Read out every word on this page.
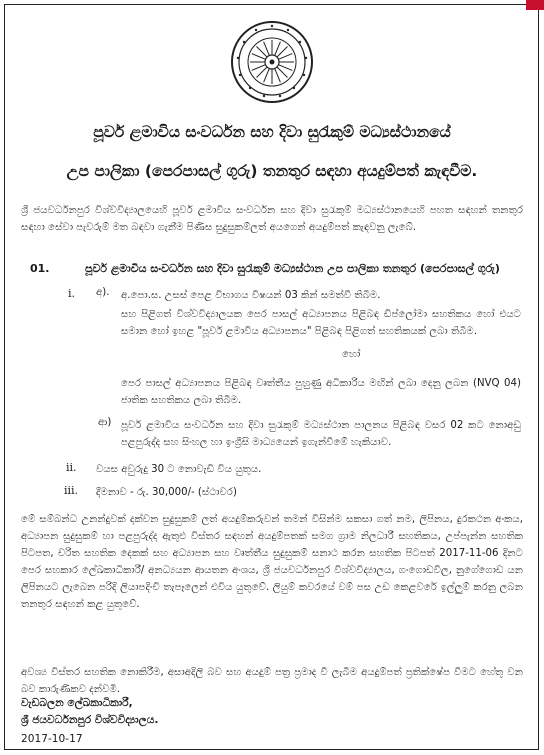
පූර්ව ළමාවිය සංවර්ධන සහ දිවා සුරැකුම් මධ්‍යස්ථානයේ
උප පාලිකා (පෙරපාසල් ගුරු) තනතුර සඳහා අයදුම්පත් කැඳවීම.

ශ්‍රී ජයවර්ධනපුර විශ්වවිද්‍යාලයෙහි පූර්ව ළමාවිය සංවර්ධන සහ දිවා සුරැකුම් මධ්‍යස්ථානයෙහි පහත සඳහන් තනතුර සඳහා සේවා පැවරුම් මත බඳවා ගැනීම පිණිස සුදුසුකම්ලත් අයගෙන් අයදුම්පත් කැඳවනු ලැබේ.

01.	පූර්ව ළමාවිය සංවර්ධන සහ දිවා සුරැකුම් මධ්‍යස්ථාන උප පාලිකා තනතුර (පෙරපාසල් ගුරු)
i. අ). අ.පො.ස. උසස් පෙළ විභාගය විෂයන් 03 කින් සමත්වී තිබීම.
සහ පිළිගත් විශ්වවිද්‍යාලයක පෙර පාසල් අධ්‍යාපනය පිළිබඳ ඩිප්ලෝමා සහතිකය හෝ එයට සමාන හෝ ඉහළ "පූර්ව ළමාවිය අධ්‍යාපනය" පිළිබඳ පිළිගත් සහතිකයක් ලබා තිබීම.
හෝ
පෙර පාසල් අධ්‍යාපනය පිළිබඳ වෘත්තීය පුහුණු අධිකාරිය මඟින් ලබා දෙනු ලබන (NVQ 04) ජාතික සහතිකය ලබා තිබීම.
ආ) පූර්ව ළමාවිය සංවර්ධන සහ දිවා සුරැකුම් මධ්‍යස්ථාන පාලනය පිළිබඳ වසර 02 කට නොඅඩු පළපුරුද්ද සහ සිංහල හා ඉංග්‍රීසි මාධ්‍යයෙන් ඉගැන්වීමේ හැකියාව.
ii. වයස අවුරුදු 30 ට නොවැඩි විය යුතුය.
iii. දීමනාව - රු. 30,000/- (ස්ථාවර)

මේ සම්බන්ධ උනන්දුවක් දක්වන සුදුසුකම් ලත් අයදුම්කරුවන් තමන් විසින්ම සකසා ගත් නම, ලිපිනය, දුරකථන අංකය, අධ්‍යාපන සුදුසුකම් හා පළපුරුද්ද ඇතුළු විස්තර සඳහන් අයදුම්පතක් සමග ග්‍රාම නිලධාරී සහතිකය, උප්පැන්න සහතික පිටපත, චරිත සහතික දෙකක් සහ අධ්‍යාපන සහ වෘත්තීය සුදුසුකම් සනාථ කරන සහතික පිටපත් 2017-11-06 දිනට පෙර සහකාර ලේඛකාධිකාරී/ අනධ්‍යයන ආයතන අංශය, ශ්‍රී ජයවර්ධනපුර විශ්වවිද්‍යාලය, ගංගොඩවිල, නුගේගොඩ යන ලිපිනයට ලැබෙන පරිදි ලියාපදිංචි තැපෑලෙන් එවිය යුතුවේ. ලියුම් කවරයේ වම් පස උඩ කෙළවරේ ඉල්ලුම් කරනු ලබන තනතුර සඳහන් කළ යුතුවේ.

අවශ්‍ය විස්තර සහතික නොකිරීම, අසාඅදිලි බව සහ අයදුම් පත්‍ර ප්‍රමාද වී ලැබීම අයදුම්පත් ප්‍රතික්ෂේප වීමට හේතු වන බව කාරුණිකව දන්වමි.

වැඩබලන ලේඛකාධිකාරී,
ශ්‍රී ජයවර්ධනපුර විශ්වවිද්‍යාලය.
2017-10-17
